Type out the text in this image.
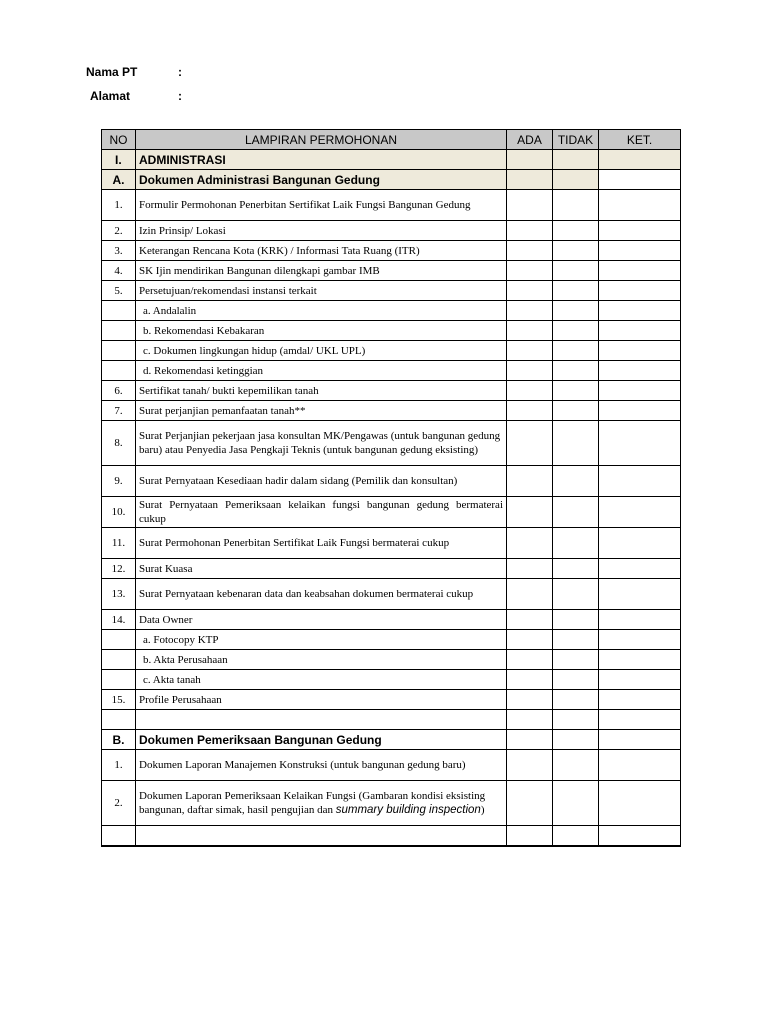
Nama PT	:
Alamat	:
NO	LAMPIRAN PERMOHONAN	ADA	TIDAK	KET.
I.	ADMINISTRASI			
A.	Dokumen Administrasi Bangunan Gedung			
1.	Formulir Permohonan Penerbitan Sertifikat Laik Fungsi Bangunan Gedung			
2.	Izin Prinsip/ Lokasi			
3.	Keterangan Rencana Kota (KRK) / Informasi Tata Ruang (ITR)			
4.	SK Ijin mendirikan Bangunan dilengkapi gambar IMB			
5.	Persetujuan/rekomendasi instansi terkait			
	a. Andalalin			
	b. Rekomendasi Kebakaran			
	c. Dokumen lingkungan hidup (amdal/ UKL UPL)			
	d. Rekomendasi ketinggian			
6.	Sertifikat tanah/ bukti kepemilikan tanah			
7.	Surat perjanjian pemanfaatan tanah**			
8.	Surat Perjanjian pekerjaan jasa konsultan MK/Pengawas (untuk bangunan gedung baru) atau Penyedia Jasa Pengkaji Teknis (untuk bangunan gedung eksisting)			
9.	Surat Pernyataan Kesediaan hadir dalam sidang (Pemilik dan konsultan)			
10.	Surat Pernyataan Pemeriksaan kelaikan fungsi bangunan gedung bermaterai cukup			
11.	Surat Permohonan Penerbitan Sertifikat Laik Fungsi bermaterai cukup			
12.	Surat Kuasa			
13.	Surat Pernyataan kebenaran data dan keabsahan dokumen bermaterai cukup			
14.	Data Owner			
	a. Fotocopy KTP			
	b. Akta Perusahaan			
	c. Akta tanah			
15.	Profile Perusahaan			

B.	Dokumen Pemeriksaan Bangunan Gedung			
1.	Dokumen Laporan Manajemen Konstruksi (untuk bangunan gedung baru)			
2.	Dokumen Laporan Pemeriksaan Kelaikan Fungsi (Gambaran kondisi eksisting bangunan, daftar simak, hasil pengujian dan summary building inspection)			
